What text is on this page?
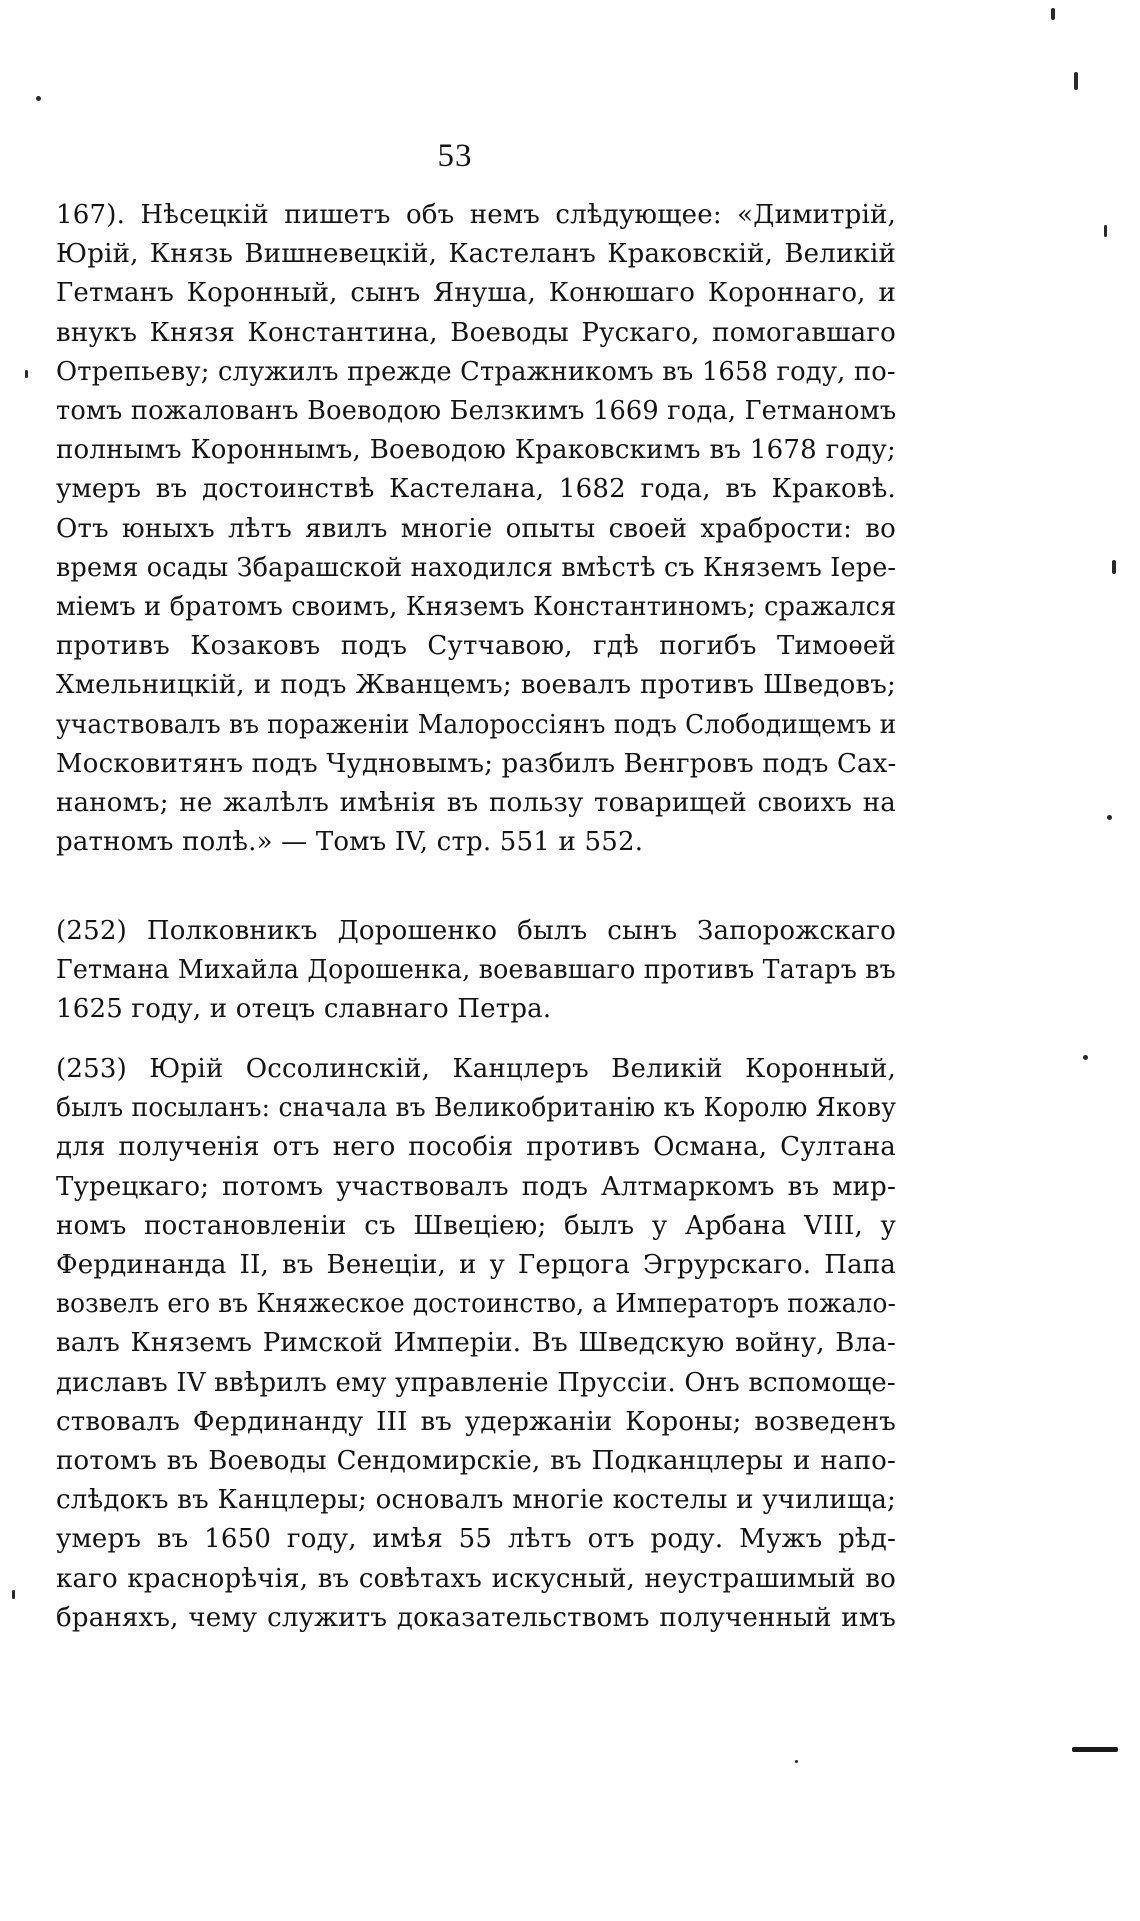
53
167). Нѣсецкій пишетъ объ немъ слѣдующее: «Димитрій,
Юрій, Князь Вишневецкій, Кастеланъ Краковскій, Великій
Гетманъ Коронный, сынъ Януша, Конюшаго Короннаго, и
внукъ Князя Константина, Воеводы Рускаго, помогавшаго
Отрепьеву; служилъ прежде Стражникомъ въ 1658 году, по-
томъ пожалованъ Воеводою Белзкимъ 1669 года, Гетманомъ
полнымъ Короннымъ, Воеводою Краковскимъ въ 1678 году;
умеръ въ достоинствѣ Кастелана, 1682 года, въ Краковѣ.
Отъ юныхъ лѣтъ явилъ многіе опыты своей храбрости: во
время осады Збарашской находился вмѣстѣ съ Княземъ Іере-
міемъ и братомъ своимъ, Княземъ Константиномъ; сражался
противъ Козаковъ подъ Сутчавою, гдѣ погибъ Тимоѳей
Хмельницкій, и подъ Жванцемъ; воевалъ противъ Шведовъ;
участвовалъ въ пораженіи Малороссіянъ подъ Слободищемъ и
Московитянъ подъ Чудновымъ; разбилъ Венгровъ подъ Сах-
наномъ; не жалѣлъ имѣнія въ пользу товарищей своихъ на
ратномъ полѣ.» — Томъ IV, стр. 551 и 552.
(252) Полковникъ Дорошенко былъ сынъ Запорожскаго
Гетмана Михайла Дорошенка, воевавшаго противъ Татаръ въ
1625 году, и отецъ славнаго Петра.
(253) Юрій Оссолинскій, Канцлеръ Великій Коронный,
былъ посыланъ: сначала въ Великобританію къ Королю Якову
для полученія отъ него пособія противъ Османа, Султана
Турецкаго; потомъ участвовалъ подъ Алтмаркомъ въ мир-
номъ постановленіи съ Швеціею; былъ у Арбана VIII, у
Фердинанда II, въ Венеціи, и у Герцога Эгрурскаго. Папа
возвелъ его въ Княжеское достоинство, а Императоръ пожало-
валъ Княземъ Римской Имперіи. Въ Шведскую войну, Вла-
диславъ IV ввѣрилъ ему управленіе Пруссіи. Онъ вспомоще-
ствовалъ Фердинанду III въ удержаніи Короны; возведенъ
потомъ въ Воеводы Сендомирскіе, въ Подканцлеры и напо-
слѣдокъ въ Канцлеры; основалъ многіе костелы и училища;
умеръ въ 1650 году, имѣя 55 лѣтъ отъ роду. Мужъ рѣд-
каго краснорѣчія, въ совѣтахъ искусный, неустрашимый во
браняхъ, чему служитъ доказательствомъ полученный имъ
